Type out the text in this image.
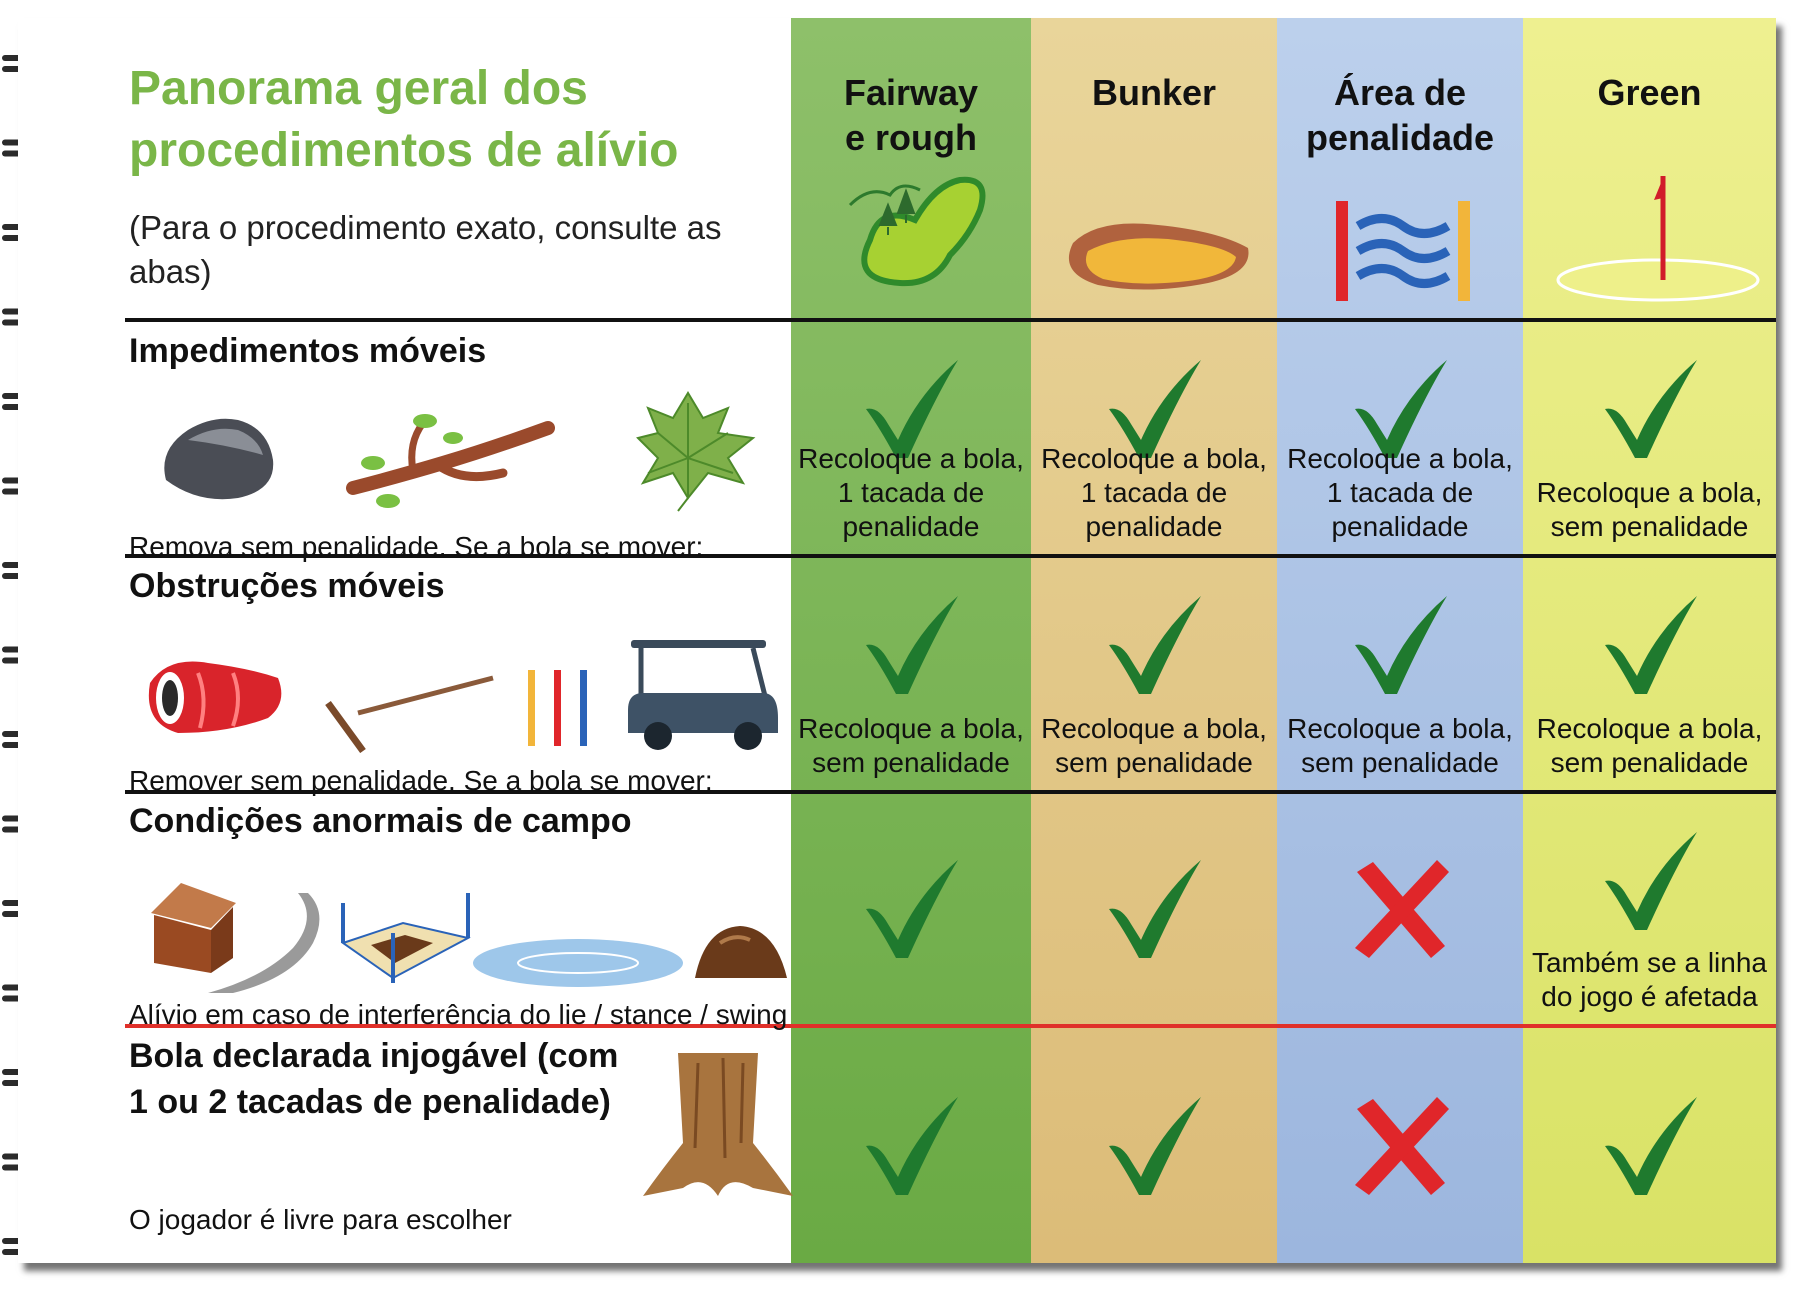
Panorama geral dos procedimentos de alívio
(Para o procedimento exato, consulte as abas)
Fairway
e rough
Bunker	Área de
penalidade
Green
Impedimentos móveis
Remova sem penalidade. Se a bola se mover:
Obstruções móveis
Remover sem penalidade. Se a bola se mover:
Condições anormais de campo
Alívio em caso de interferência do lie / stance / swing
Bola declarada injogável (com
1 ou 2 tacadas de penalidade)
O jogador é livre para escolher
Recoloque a bola,
1 tacada de
penalidade
Recoloque a bola,
1 tacada de
penalidade
Recoloque a bola,
1 tacada de
penalidade
Recoloque a bola,
sem penalidade
Recoloque a bola,
sem penalidade
Recoloque a bola,
sem penalidade
Recoloque a bola,
sem penalidade
Recoloque a bola,
sem penalidade
Também se a linha
do jogo é afetada
